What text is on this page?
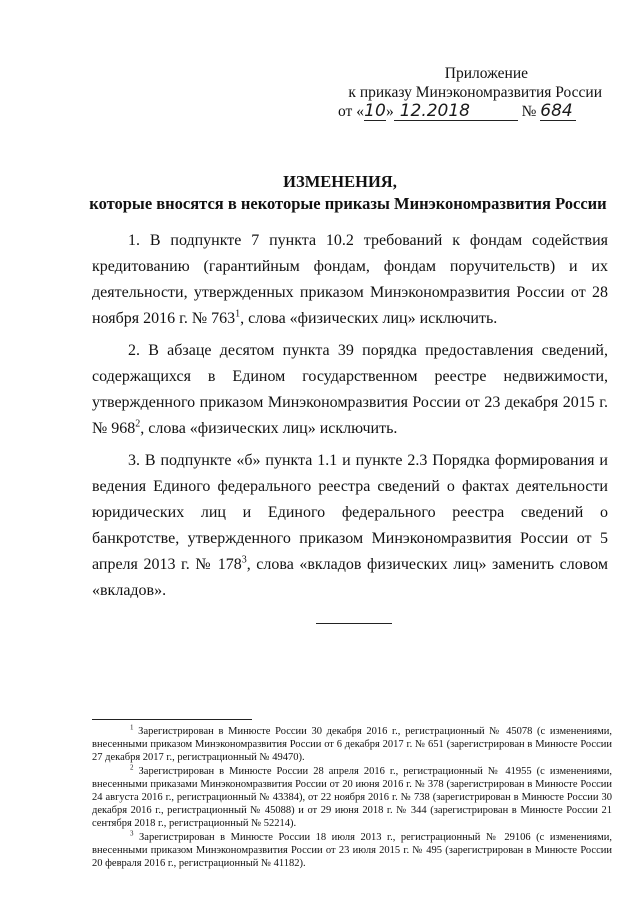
Приложение
к приказу Минэкономразвития России
от «10» 12.2018	№ 684
ИЗМЕНЕНИЯ,
которые вносятся в некоторые приказы Минэкономразвития России

1. В подпункте 7 пункта 10.2 требований к фондам содействия кредитованию (гарантийным фондам, фондам поручительств) и их деятельности, утвержденных приказом Минэкономразвития России от 28 ноября 2016 г. № $763^1$, слова «физических лиц» исключить.

2. В абзаце десятом пункта 39 порядка предоставления сведений, содержащихся в Едином государственном реестре недвижимости, утвержденного приказом Минэкономразвития России от 23 декабря 2015 г. № $968^2$, слова «физических лиц» исключить.

3. В подпункте «б» пункта 1.1 и пункте 2.3 Порядка формирования и ведения Единого федерального реестра сведений о фактах деятельности юридических лиц и Единого федерального реестра сведений о банкротстве, утвержденного приказом Минэкономразвития России от 5 апреля 2013 г. № $178^3$, слова «вкладов физических лиц» заменить словом «вкладов».

$^1$ Зарегистрирован в Минюсте России 30 декабря 2016 г., регистрационный № 45078 (с изменениями, внесенными приказом Минэкономразвития России от 6 декабря 2017 г. № 651 (зарегистрирован в Минюсте России 27 декабря 2017 г., регистрационный № 49470).

$^2$ Зарегистрирован в Минюсте России 28 апреля 2016 г., регистрационный № 41955 (с изменениями, внесенными приказами Минэкономразвития России от 20 июня 2016 г. № 378 (зарегистрирован в Минюсте России 24 августа 2016 г., регистрационный № 43384), от 22 ноября 2016 г. № 738 (зарегистрирован в Минюсте России 30 декабря 2016 г., регистрационный № 45088) и от 29 июня 2018 г. № 344 (зарегистрирован в Минюсте России 21 сентября 2018 г., регистрационный № 52214).

$^3$ Зарегистрирован в Минюсте России 18 июля 2013 г., регистрационный № 29106 (с изменениями, внесенными приказом Минэкономразвития России от 23 июля 2015 г. № 495 (зарегистрирован в Минюсте России 20 февраля 2016 г., регистрационный № 41182).
